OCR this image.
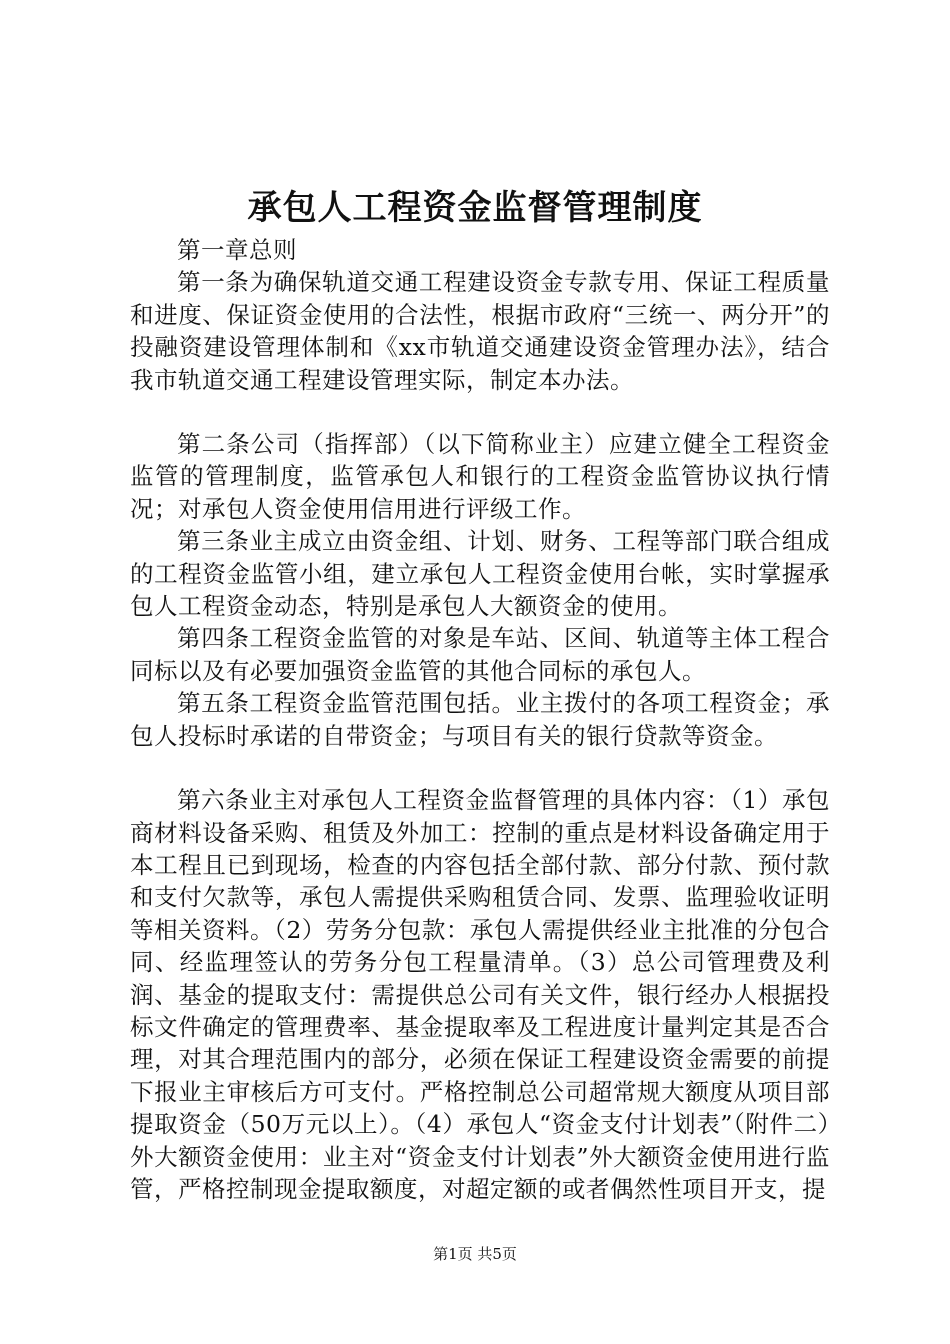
承包人工程资金监督管理制度

第一章总则

第一条为确保轨道交通工程建设资金专款专用、保证工程质量和进度、保证资金使用的合法性，根据市政府“三统一、两分开”的投融资建设管理体制和《xx市轨道交通建设资金管理办法》，结合我市轨道交通工程建设管理实际，制定本办法。

第二条公司（指挥部）（以下简称业主）应建立健全工程资金监管的管理制度，监管承包人和银行的工程资金监管协议执行情况；对承包人资金使用信用进行评级工作。

第三条业主成立由资金组、计划、财务、工程等部门联合组成的工程资金监管小组，建立承包人工程资金使用台帐，实时掌握承包人工程资金动态，特别是承包人大额资金的使用。

第四条工程资金监管的对象是车站、区间、轨道等主体工程合同标以及有必要加强资金监管的其他合同标的承包人。

第五条工程资金监管范围包括。业主拨付的各项工程资金；承包人投标时承诺的自带资金；与项目有关的银行贷款等资金。

第六条业主对承包人工程资金监督管理的具体内容：（1）承包商材料设备采购、租赁及外加工：控制的重点是材料设备确定用于本工程且已到现场，检查的内容包括全部付款、部分付款、预付款和支付欠款等，承包人需提供采购租赁合同、发票、监理验收证明等相关资料。（2）劳务分包款：承包人需提供经业主批准的分包合同、经监理签认的劳务分包工程量清单。（3）总公司管理费及利润、基金的提取支付：需提供总公司有关文件，银行经办人根据投标文件确定的管理费率、基金提取率及工程进度计量判定其是否合理，对其合理范围内的部分，必须在保证工程建设资金需要的前提下报业主审核后方可支付。严格控制总公司超常规大额度从项目部提取资金（50万元以上）。（4）承包人“资金支付计划表”（附件二）外大额资金使用：业主对“资金支付计划表”外大额资金使用进行监管，严格控制现金提取额度，对超定额的或者偶然性项目开支，提

第1页 共5页
